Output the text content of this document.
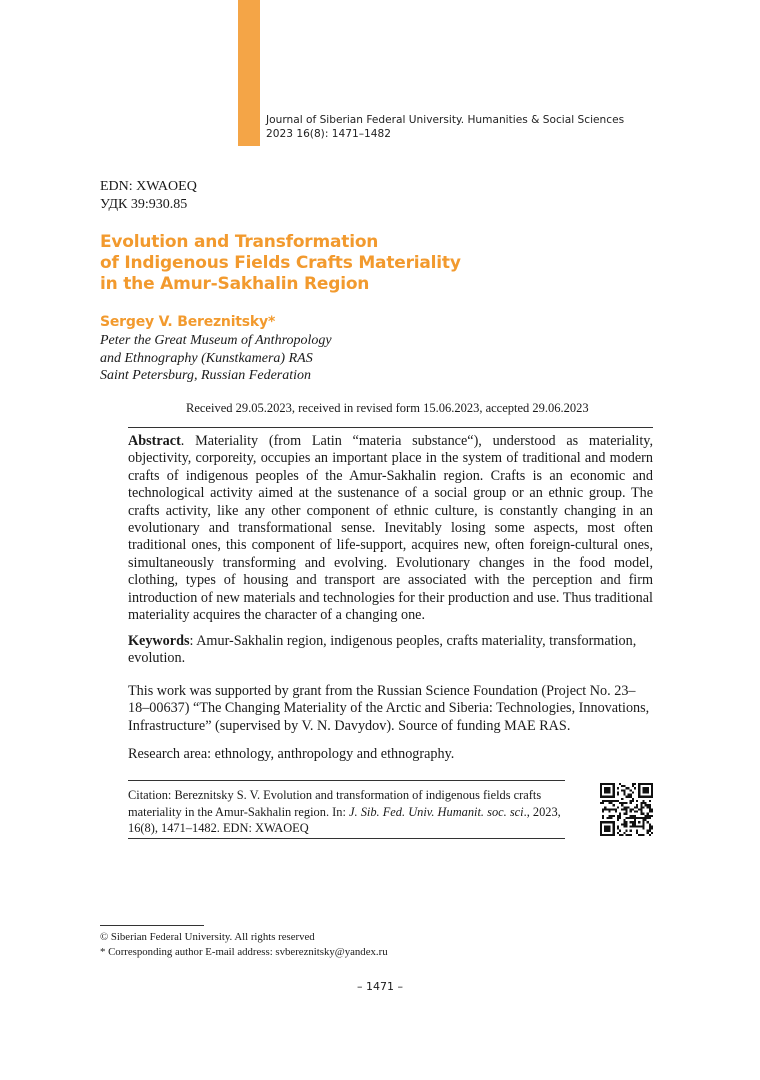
Journal of Siberian Federal University. Humanities & Social Sciences
2023 16(8): 1471–1482
EDN: XWAOEQ
УДК 39:930.85
Evolution and Transformation
of Indigenous Fields Crafts Materiality
in the Amur-Sakhalin Region
Sergey V. Bereznitsky*
Peter the Great Museum of Anthropology
and Ethnography (Kunstkamera) RAS
Saint Petersburg, Russian Federation
Received 29.05.2023, received in revised form 15.06.2023, accepted 29.06.2023
Abstract. Materiality (from Latin “materia substance“), understood as materiality, objectivity, corporeity, occupies an important place in the system of traditional and modern crafts of indigenous peoples of the Amur-Sakhalin region. Crafts is an economic and technological activity aimed at the sustenance of a social group or an ethnic group. The crafts activity, like any other component of ethnic culture, is constantly changing in an evolutionary and transformational sense. Inevitably losing some aspects, most often traditional ones, this component of life-support, acquires new, often foreign-cultural ones, simultaneously transforming and evolving. Evolutionary changes in the food model, clothing, types of housing and transport are associated with the perception and firm introduction of new materials and technologies for their production and use. Thus traditional materiality acquires the character of a changing one.
Keywords: Amur-Sakhalin region, indigenous peoples, crafts materiality, transformation, evolution.
This work was supported by grant from the Russian Science Foundation (Project No. 23–18–00637) “The Changing Materiality of the Arctic and Siberia: Technologies, Innovations, Infrastructure” (supervised by V. N. Davydov). Source of funding MAE RAS.
Research area: ethnology, anthropology and ethnography.
Citation: Bereznitsky S. V. Evolution and transformation of indigenous fields crafts materiality in the Amur-Sakhalin region. In: J. Sib. Fed. Univ. Humanit. soc. sci., 2023, 16(8), 1471–1482. EDN: XWAOEQ
© Siberian Federal University. All rights reserved
* Corresponding author E-mail address: svbereznitsky@yandex.ru
– 1471 –
